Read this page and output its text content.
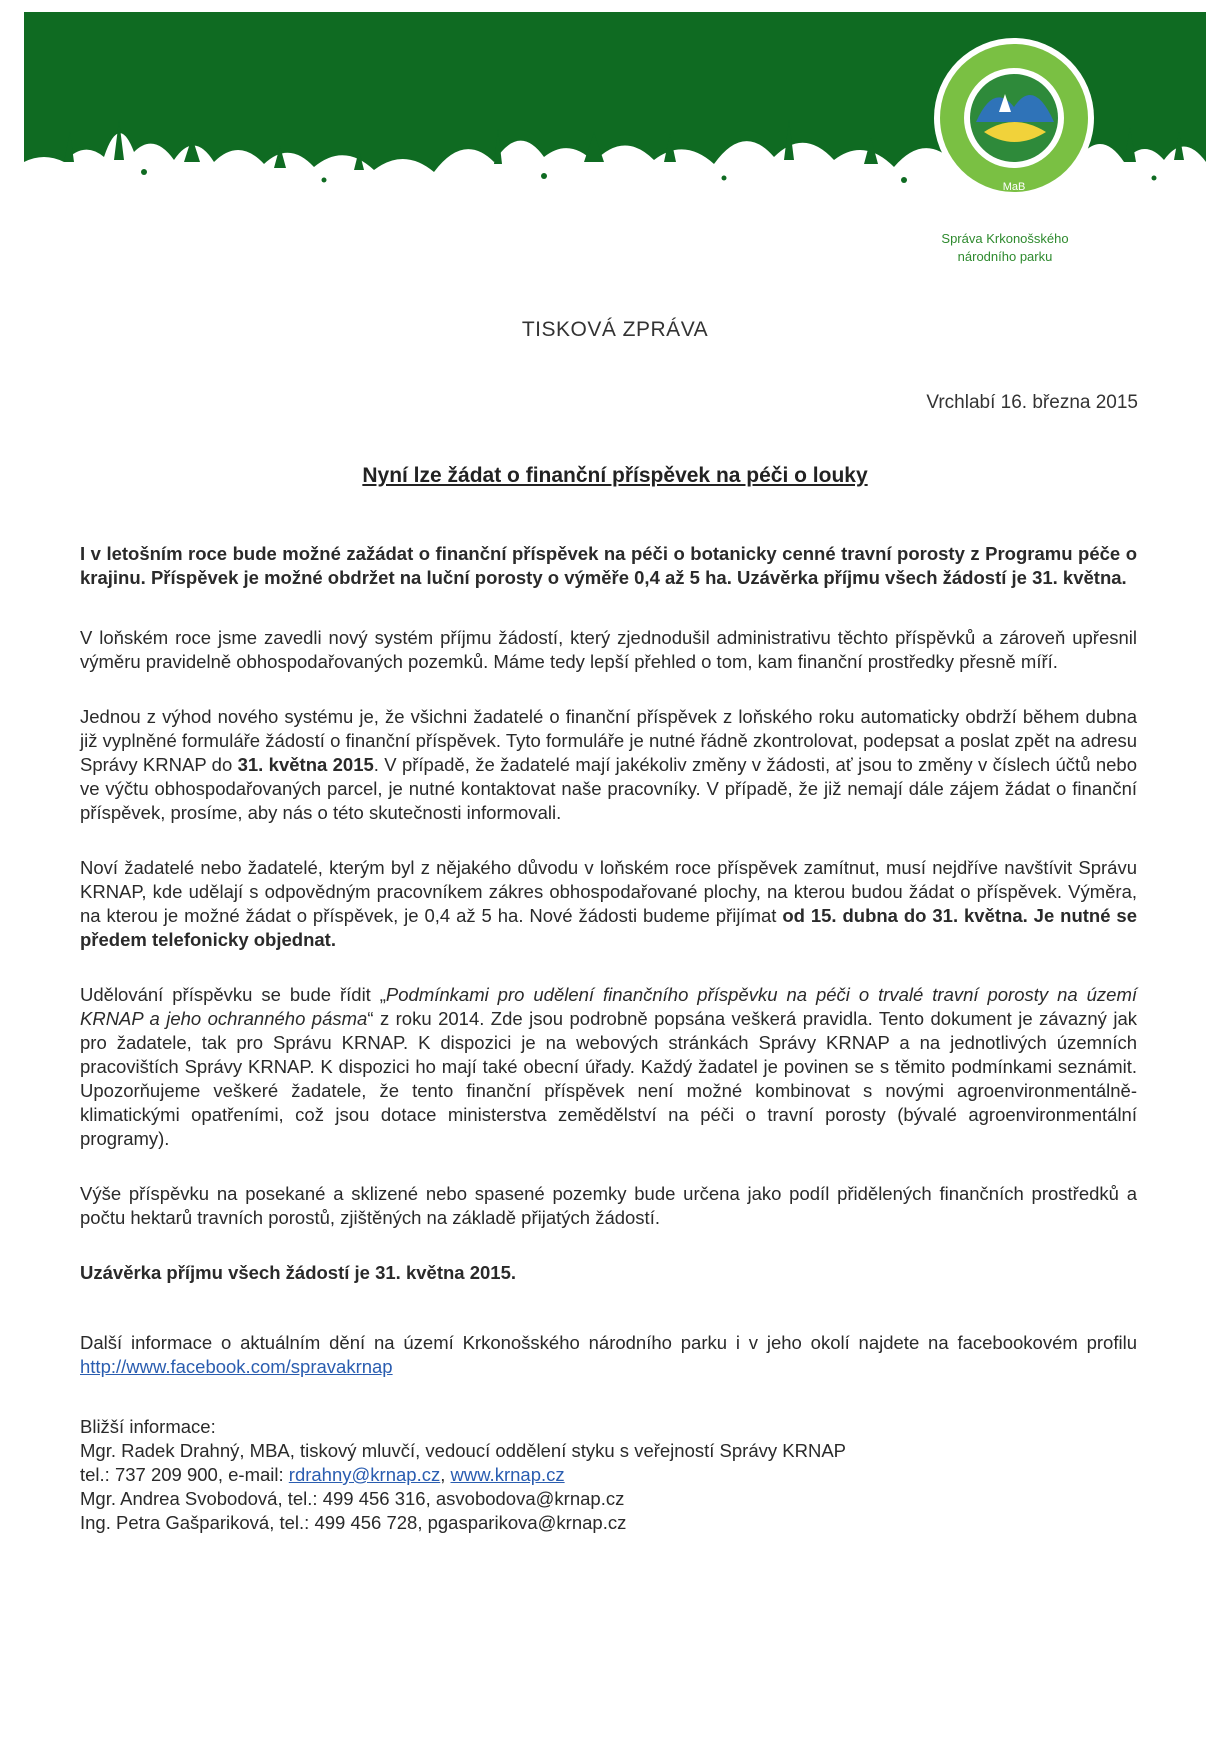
MaB
Správa Krkonošského
národního parku
TISKOVÁ ZPRÁVA
Vrchlabí 16. března 2015
Nyní lze žádat o finanční příspěvek na péči o louky

I v letošním roce bude možné zažádat o finanční příspěvek na péči o botanicky cenné travní porosty z Programu péče o krajinu. Příspěvek je možné obdržet na luční porosty o výměře 0,4 až 5 ha. Uzávěrka příjmu všech žádostí je 31. května.

V loňském roce jsme zavedli nový systém příjmu žádostí, který zjednodušil administrativu těchto příspěvků a zároveň upřesnil výměru pravidelně obhospodařovaných pozemků. Máme tedy lepší přehled o tom, kam finanční prostředky přesně míří.

Jednou z výhod nového systému je, že všichni žadatelé o finanční příspěvek z loňského roku automaticky obdrží během dubna již vyplněné formuláře žádostí o finanční příspěvek. Tyto formuláře je nutné řádně zkontrolovat, podepsat a poslat zpět na adresu Správy KRNAP do 31. května 2015. V případě, že žadatelé mají jakékoliv změny v žádosti, ať jsou to změny v číslech účtů nebo ve výčtu obhospodařovaných parcel, je nutné kontaktovat naše pracovníky. V případě, že již nemají dále zájem žádat o finanční příspěvek, prosíme, aby nás o této skutečnosti informovali.

Noví žadatelé nebo žadatelé, kterým byl z nějakého důvodu v loňském roce příspěvek zamítnut, musí nejdříve navštívit Správu KRNAP, kde udělají s odpovědným pracovníkem zákres obhospodařované plochy, na kterou budou žádat o příspěvek. Výměra, na kterou je možné žádat o příspěvek, je 0,4 až 5 ha. Nové žádosti budeme přijímat od 15. dubna do 31. května. Je nutné se předem telefonicky objednat.

Udělování příspěvku se bude řídit „Podmínkami pro udělení finančního příspěvku na péči o trvalé travní porosty na území KRNAP a jeho ochranného pásma“ z roku 2014. Zde jsou podrobně popsána veškerá pravidla. Tento dokument je závazný jak pro žadatele, tak pro Správu KRNAP. K dispozici je na webových stránkách Správy KRNAP a na jednotlivých územních pracovištích Správy KRNAP. K dispozici ho mají také obecní úřady. Každý žadatel je povinen se s těmito podmínkami seznámit. Upozorňujeme veškeré žadatele, že tento finanční příspěvek není možné kombinovat s novými agroenvironmentálně-klimatickými opatřeními, což jsou dotace ministerstva zemědělství na péči o travní porosty (bývalé agroenvironmentální programy).

Výše příspěvku na posekané a sklizené nebo spasené pozemky bude určena jako podíl přidělených finančních prostředků a počtu hektarů travních porostů, zjištěných na základě přijatých žádostí.

Uzávěrka příjmu všech žádostí je 31. května 2015.

Další informace o aktuálním dění na území Krkonošského národního parku i v jeho okolí najdete na facebookovém profilu http://www.facebook.com/spravakrnap

Bližší informace:

Mgr. Radek Drahný, MBA, tiskový mluvčí, vedoucí oddělení styku s veřejností Správy KRNAP

tel.: 737 209 900, e-mail: rdrahny@krnap.cz, www.krnap.cz

Mgr. Andrea Svobodová, tel.: 499 456 316, asvobodova@krnap.cz

Ing. Petra Gašpariková, tel.: 499 456 728, pgasparikova@krnap.cz
